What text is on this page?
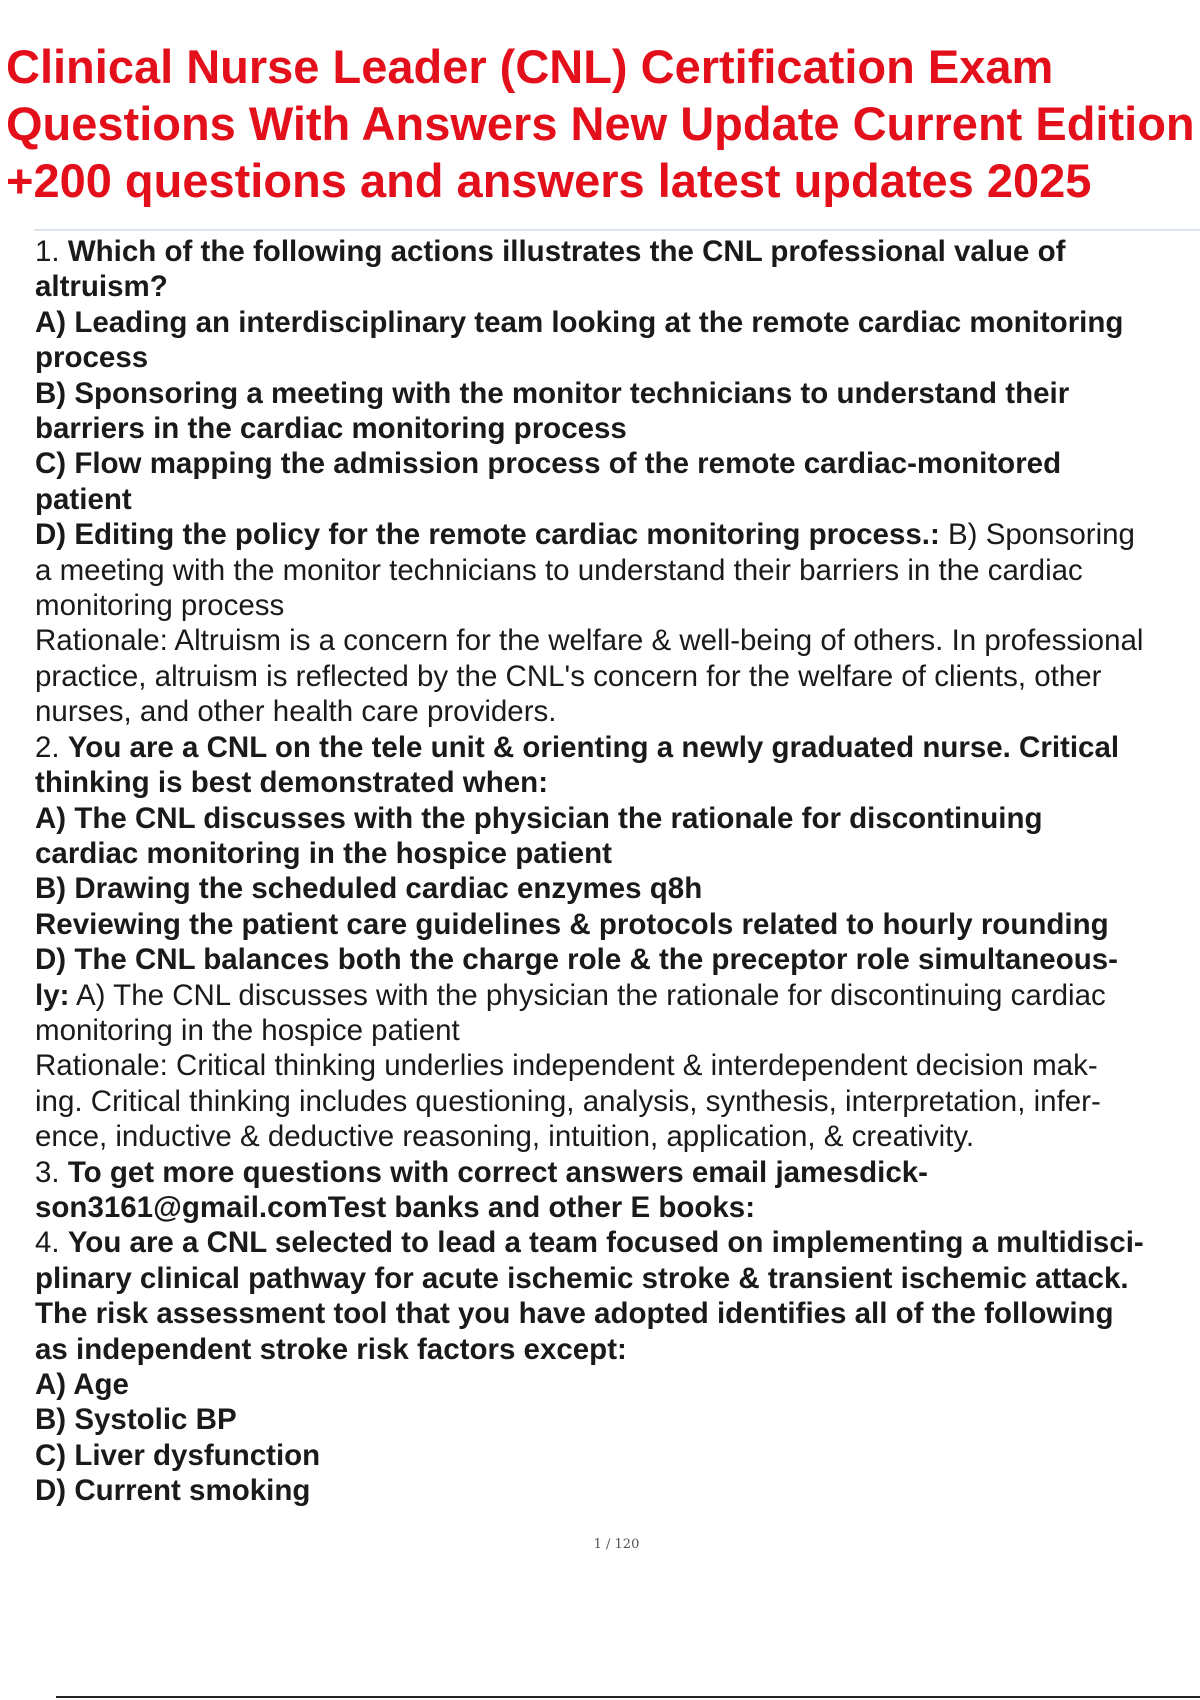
Clinical Nurse Leader (CNL) Certification Exam
Questions With Answers New Update Current Edition
+200 questions and answers latest updates 2025
1. Which of the following actions illustrates the CNL professional value of
altruism?
A) Leading an interdisciplinary team looking at the remote cardiac monitoring
process
B) Sponsoring a meeting with the monitor technicians to understand their
barriers in the cardiac monitoring process
C) Flow mapping the admission process of the remote cardiac-monitored
patient
D) Editing the policy for the remote cardiac monitoring process.: B) Sponsoring
a meeting with the monitor technicians to understand their barriers in the cardiac
monitoring process
Rationale: Altruism is a concern for the welfare & well-being of others. In professional
practice, altruism is reflected by the CNL's concern for the welfare of clients, other
nurses, and other health care providers.
2. You are a CNL on the tele unit & orienting a newly graduated nurse. Critical
thinking is best demonstrated when:
A) The CNL discusses with the physician the rationale for discontinuing
cardiac monitoring in the hospice patient
B) Drawing the scheduled cardiac enzymes q8h
Reviewing the patient care guidelines & protocols related to hourly rounding
D) The CNL balances both the charge role & the preceptor role simultaneous-
ly: A) The CNL discusses with the physician the rationale for discontinuing cardiac
monitoring in the hospice patient
Rationale: Critical thinking underlies independent & interdependent decision mak-
ing. Critical thinking includes questioning, analysis, synthesis, interpretation, infer-
ence, inductive & deductive reasoning, intuition, application, & creativity.
3. To get more questions with correct answers email jamesdick-
son3161@gmail.comTest banks and other E books:
4. You are a CNL selected to lead a team focused on implementing a multidisci-
plinary clinical pathway for acute ischemic stroke & transient ischemic attack.
The risk assessment tool that you have adopted identifies all of the following
as independent stroke risk factors except:
A) Age
B) Systolic BP
C) Liver dysfunction
D) Current smoking
1 / 120
